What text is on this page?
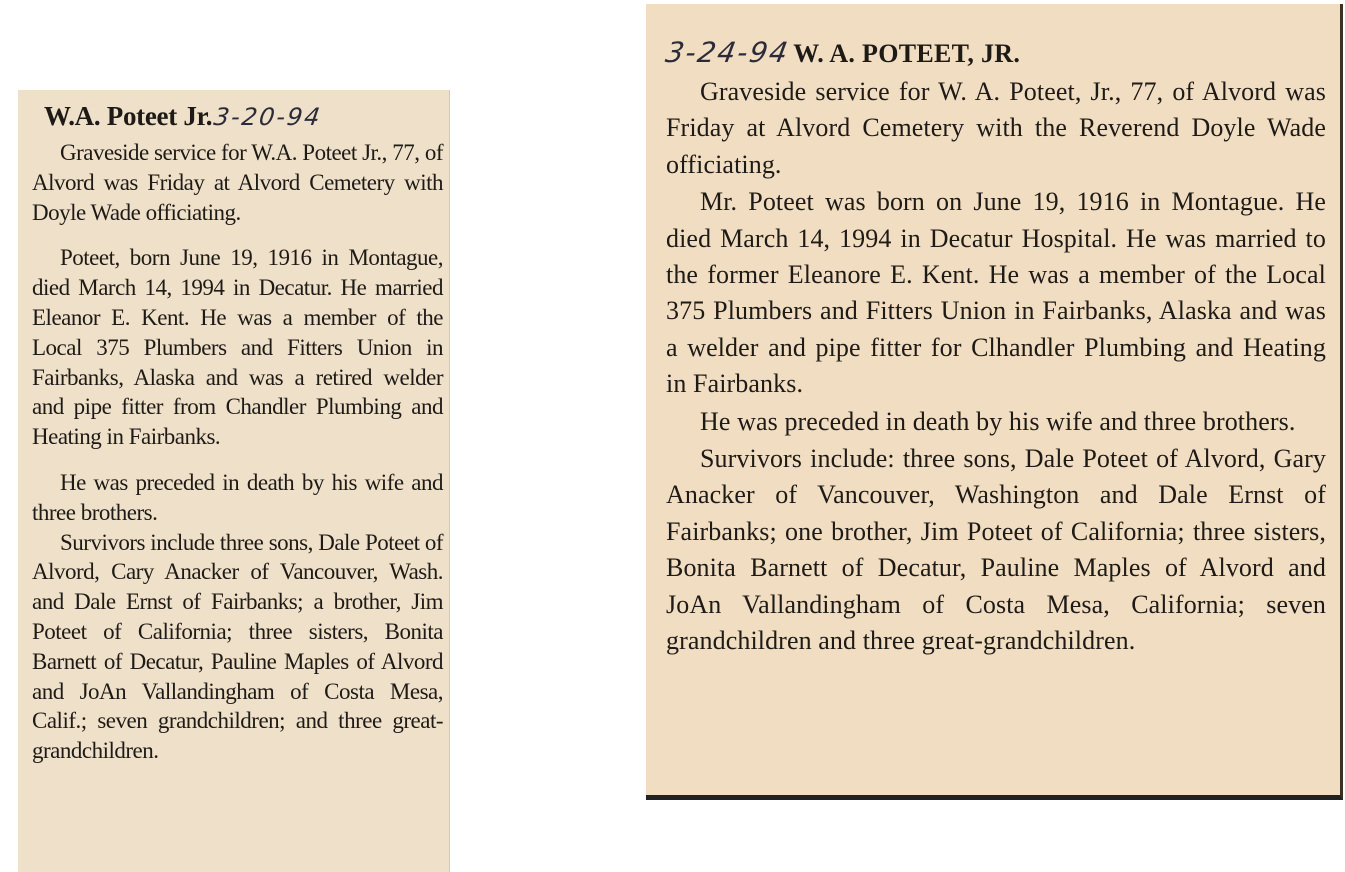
W.A. Poteet Jr. 3-20-94

Graveside service for W.A. Poteet Jr., 77, of Alvord was Friday at Alvord Cemetery with Doyle Wade officiating.

Poteet, born June 19, 1916 in Montague, died March 14, 1994 in Decatur. He married Eleanor E. Kent. He was a member of the Local 375 Plumbers and Fitters Union in Fairbanks, Alaska and was a retired welder and pipe fitter from Chandler Plumbing and Heating in Fairbanks.

He was preceded in death by his wife and three brothers.

Survivors include three sons, Dale Poteet of Alvord, Cary Anacker of Vancouver, Wash. and Dale Ernst of Fairbanks; a brother, Jim Poteet of California; three sisters, Bonita Barnett of Decatur, Pauline Maples of Alvord and JoAn Vallandingham of Costa Mesa, Calif.; seven grandchildren; and three great-grandchildren.

3-24-94 W. A. POTEET, JR.

Graveside service for W. A. Poteet, Jr., 77, of Alvord was Friday at Alvord Cemetery with the Reverend Doyle Wade officiating.

Mr. Poteet was born on June 19, 1916 in Montague. He died March 14, 1994 in Decatur Hospital. He was married to the former Eleanore E. Kent. He was a member of the Local 375 Plumbers and Fitters Union in Fairbanks, Alaska and was a welder and pipe fitter for Clhandler Plumbing and Heating in Fairbanks.

He was preceded in death by his wife and three brothers.

Survivors include: three sons, Dale Poteet of Alvord, Gary Anacker of Vancouver, Washington and Dale Ernst of Fairbanks; one brother, Jim Poteet of California; three sisters, Bonita Barnett of Decatur, Pauline Maples of Alvord and JoAn Vallandingham of Costa Mesa, California; seven grandchildren and three great-grandchildren.
